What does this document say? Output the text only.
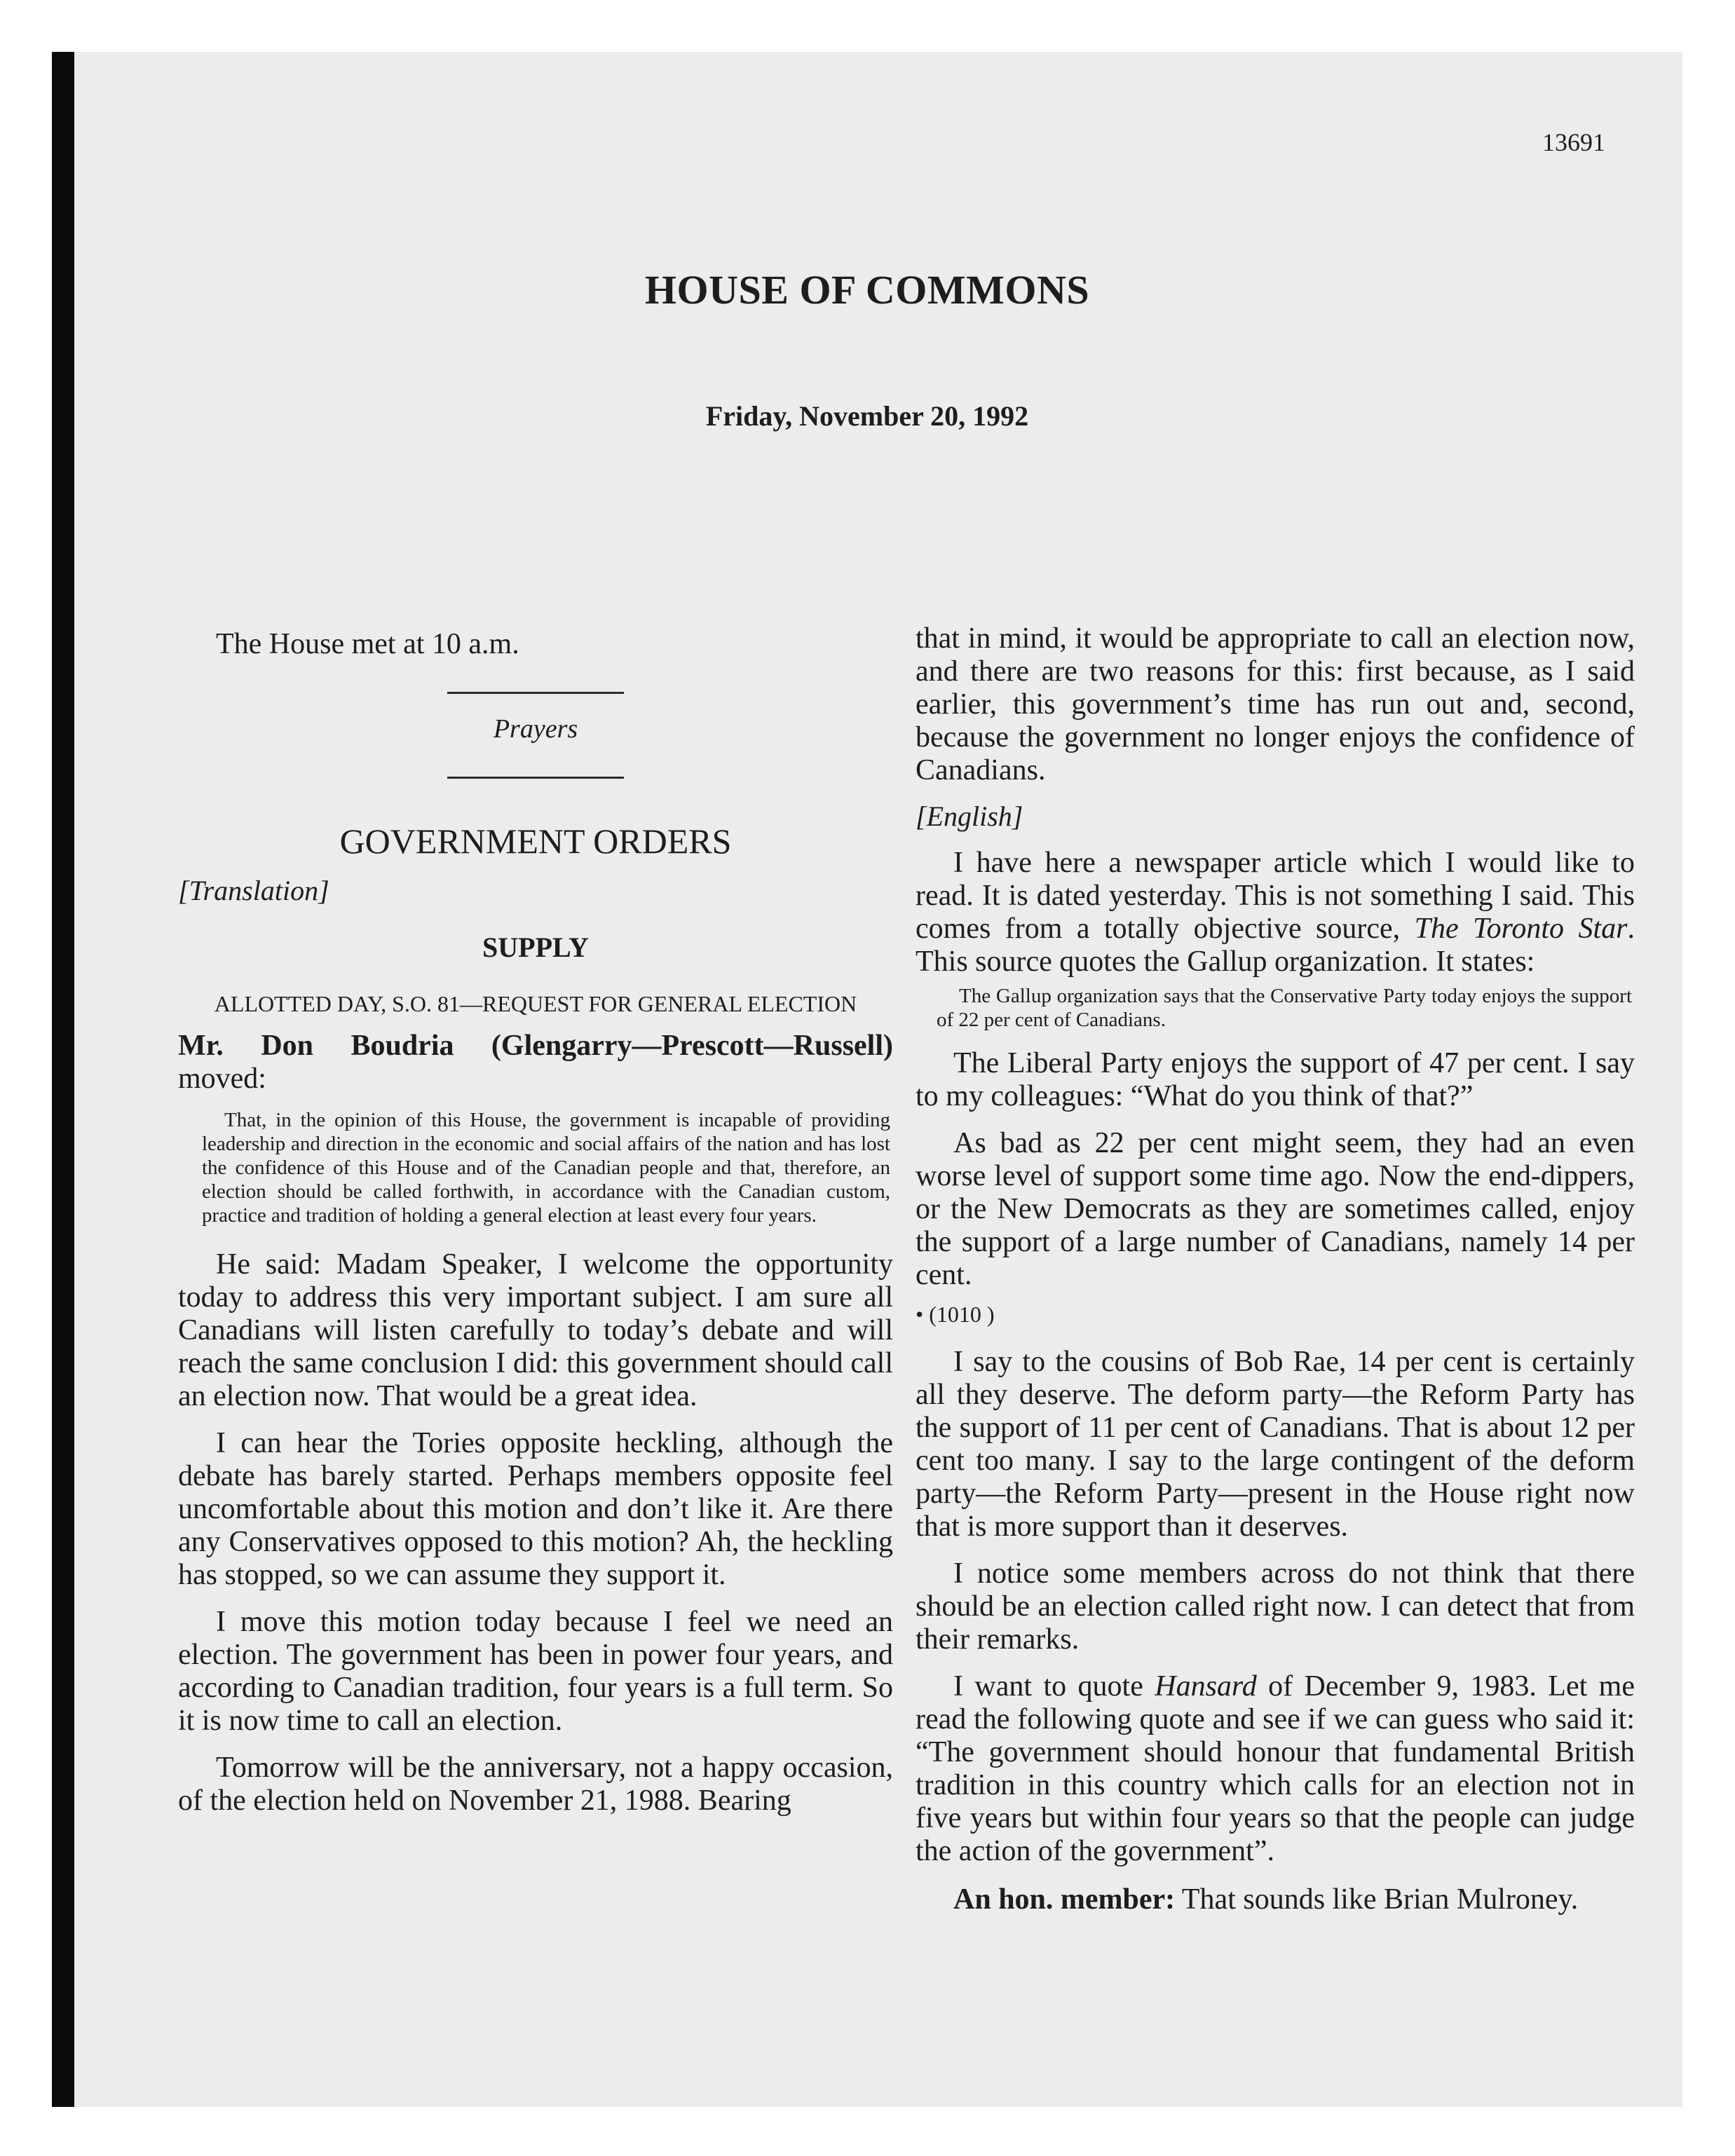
13691
HOUSE OF COMMONS
Friday, November 20, 1992

The House met at 10 a.m.

Prayers

GOVERNMENT ORDERS

[Translation]

SUPPLY

ALLOTTED DAY, S.O. 81—REQUEST FOR GENERAL ELECTION

Mr. Don Boudria (Glengarry—Prescott—Russell) moved:

That, in the opinion of this House, the government is incapable of providing leadership and direction in the economic and social affairs of the nation and has lost the confidence of this House and of the Canadian people and that, therefore, an election should be called forthwith, in accordance with the Canadian custom, practice and tradition of holding a general election at least every four years.

He said: Madam Speaker, I welcome the opportunity today to address this very important subject. I am sure all Canadians will listen carefully to today’s debate and will reach the same conclusion I did: this government should call an election now. That would be a great idea.

I can hear the Tories opposite heckling, although the debate has barely started. Perhaps members opposite feel uncomfortable about this motion and don’t like it. Are there any Conservatives opposed to this motion? Ah, the heckling has stopped, so we can assume they support it.

I move this motion today because I feel we need an election. The government has been in power four years, and according to Canadian tradition, four years is a full term. So it is now time to call an election.

Tomorrow will be the anniversary, not a happy occasion, of the election held on November 21, 1988. Bearing

that in mind, it would be appropriate to call an election now, and there are two reasons for this: first because, as I said earlier, this government’s time has run out and, second, because the government no longer enjoys the confidence of Canadians.

[English]

I have here a newspaper article which I would like to read. It is dated yesterday. This is not something I said. This comes from a totally objective source, The Toronto Star. This source quotes the Gallup organization. It states:

The Gallup organization says that the Conservative Party today enjoys the support of 22 per cent of Canadians.

The Liberal Party enjoys the support of 47 per cent. I say to my colleagues: “What do you think of that?”

As bad as 22 per cent might seem, they had an even worse level of support some time ago. Now the end-dippers, or the New Democrats as they are sometimes called, enjoy the support of a large number of Canadians, namely 14 per cent.

• (1010 )

I say to the cousins of Bob Rae, 14 per cent is certainly all they deserve. The deform party—the Reform Party has the support of 11 per cent of Canadians. That is about 12 per cent too many. I say to the large contingent of the deform party—the Reform Party—present in the House right now that is more support than it deserves.

I notice some members across do not think that there should be an election called right now. I can detect that from their remarks.

I want to quote Hansard of December 9, 1983. Let me read the following quote and see if we can guess who said it: “The government should honour that fundamental British tradition in this country which calls for an election not in five years but within four years so that the people can judge the action of the government”.

An hon. member: That sounds like Brian Mulroney.
